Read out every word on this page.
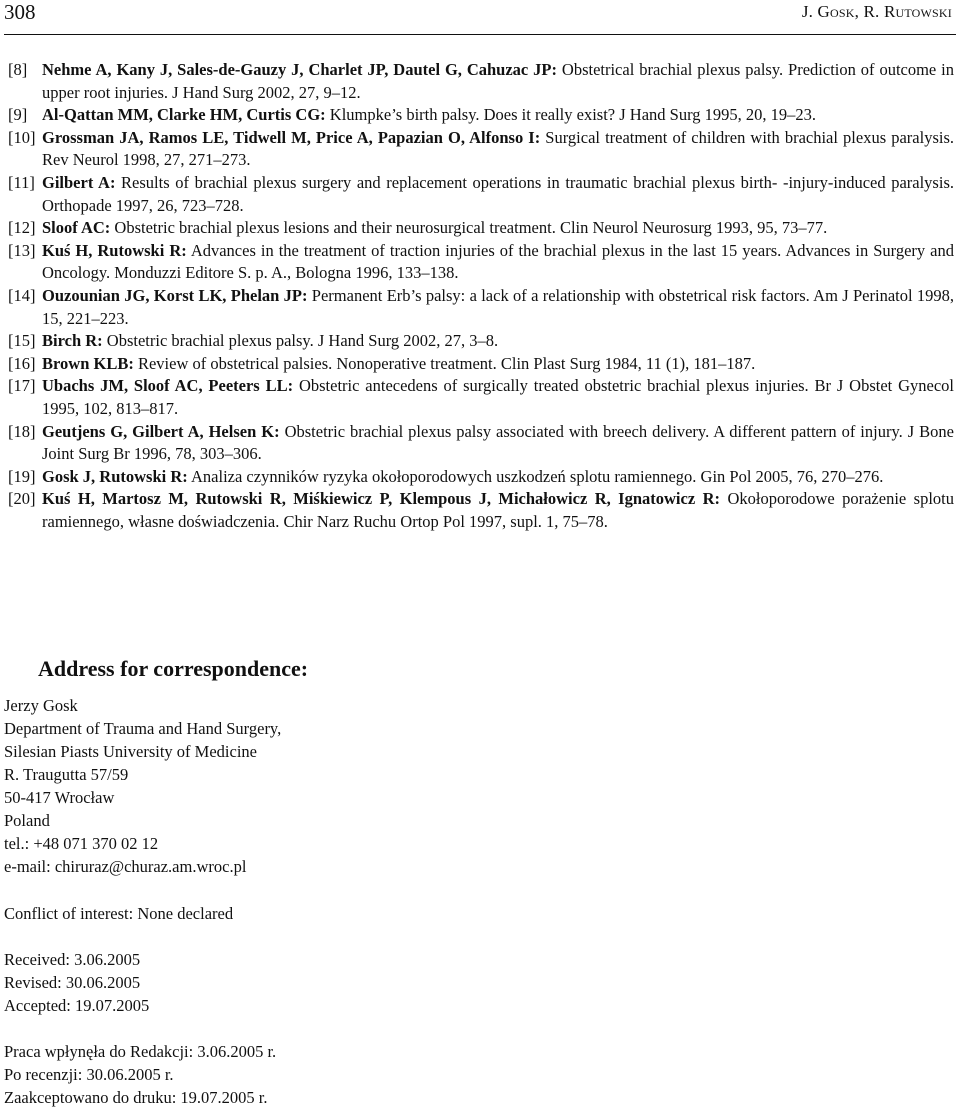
308	J. Gosk, R. Rutowski
[8] Nehme A, Kany J, Sales-de-Gauzy J, Charlet JP, Dautel G, Cahuzac JP: Obstetrical brachial plexus palsy. Prediction of outcome in upper root injuries. J Hand Surg 2002, 27, 9–12.
[9] Al-Qattan MM, Clarke HM, Curtis CG: Klumpke’s birth palsy. Does it really exist? J Hand Surg 1995, 20, 19–23.
[10] Grossman JA, Ramos LE, Tidwell M, Price A, Papazian O, Alfonso I: Surgical treatment of children with brachial plexus paralysis. Rev Neurol 1998, 27, 271–273.
[11] Gilbert A: Results of brachial plexus surgery and replacement operations in traumatic brachial plexus birth- -injury-induced paralysis. Orthopade 1997, 26, 723–728.
[12] Sloof AC: Obstetric brachial plexus lesions and their neurosurgical treatment. Clin Neurol Neurosurg 1993, 95, 73–77.
[13] Kuś H, Rutowski R: Advances in the treatment of traction injuries of the brachial plexus in the last 15 years. Advances in Surgery and Oncology. Monduzzi Editore S. p. A., Bologna 1996, 133–138.
[14] Ouzounian JG, Korst LK, Phelan JP: Permanent Erb’s palsy: a lack of a relationship with obstetrical risk factors. Am J Perinatol 1998, 15, 221–223.
[15] Birch R: Obstetric brachial plexus palsy. J Hand Surg 2002, 27, 3–8.
[16] Brown KLB: Review of obstetrical palsies. Nonoperative treatment. Clin Plast Surg 1984, 11 (1), 181–187.
[17] Ubachs JM, Sloof AC, Peeters LL: Obstetric antecedens of surgically treated obstetric brachial plexus injuries. Br J Obstet Gynecol 1995, 102, 813–817.
[18] Geutjens G, Gilbert A, Helsen K: Obstetric brachial plexus palsy associated with breech delivery. A different pattern of injury. J Bone Joint Surg Br 1996, 78, 303–306.
[19] Gosk J, Rutowski R: Analiza czynników ryzyka okołoporodowych uszkodzeń splotu ramiennego. Gin Pol 2005, 76, 270–276.
[20] Kuś H, Martosz M, Rutowski R, Miśkiewicz P, Klempous J, Michałowicz R, Ignatowicz R: Okołoporodowe porażenie splotu ramiennego, własne doświadczenia. Chir Narz Ruchu Ortop Pol 1997, supl. 1, 75–78.
Address for correspondence:
Jerzy Gosk
Department of Trauma and Hand Surgery,
Silesian Piasts University of Medicine
R. Traugutta 57/59
50-417 Wrocław
Poland
tel.: +48 071 370 02 12
e-mail: chiruraz@churaz.am.wroc.pl
Conflict of interest: None declared
Received: 3.06.2005
Revised: 30.06.2005
Accepted: 19.07.2005
Praca wpłynęła do Redakcji: 3.06.2005 r.
Po recenzji: 30.06.2005 r.
Zaakceptowano do druku: 19.07.2005 r.
